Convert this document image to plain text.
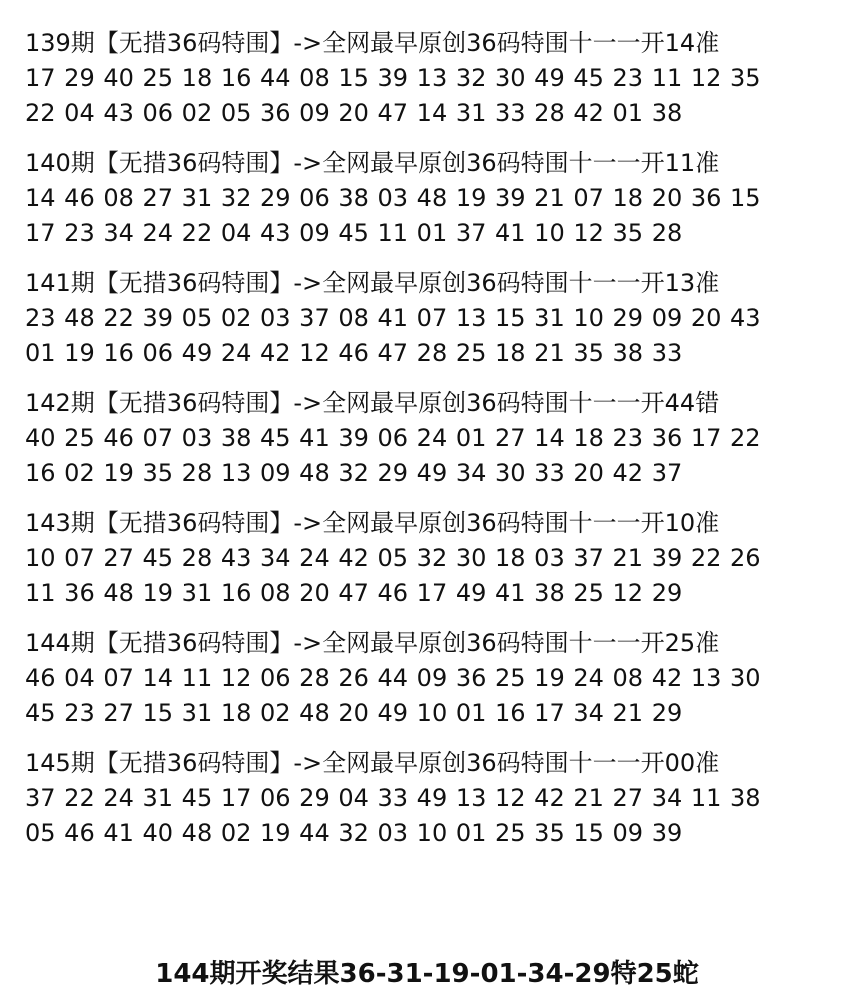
139期【无措36码特围】->全网最早原创36码特围十一一开14准
17 29 40 25 18 16 44 08 15 39 13 32 30 49 45 23 11 12 35
22 04 43 06 02 05 36 09 20 47 14 31 33 28 42 01 38
140期【无措36码特围】->全网最早原创36码特围十一一开11准
14 46 08 27 31 32 29 06 38 03 48 19 39 21 07 18 20 36 15
17 23 34 24 22 04 43 09 45 11 01 37 41 10 12 35 28
141期【无措36码特围】->全网最早原创36码特围十一一开13准
23 48 22 39 05 02 03 37 08 41 07 13 15 31 10 29 09 20 43
01 19 16 06 49 24 42 12 46 47 28 25 18 21 35 38 33
142期【无措36码特围】->全网最早原创36码特围十一一开44错
40 25 46 07 03 38 45 41 39 06 24 01 27 14 18 23 36 17 22
16 02 19 35 28 13 09 48 32 29 49 34 30 33 20 42 37
143期【无措36码特围】->全网最早原创36码特围十一一开10准
10 07 27 45 28 43 34 24 42 05 32 30 18 03 37 21 39 22 26
11 36 48 19 31 16 08 20 47 46 17 49 41 38 25 12 29
144期【无措36码特围】->全网最早原创36码特围十一一开25准
46 04 07 14 11 12 06 28 26 44 09 36 25 19 24 08 42 13 30
45 23 27 15 31 18 02 48 20 49 10 01 16 17 34 21 29
145期【无措36码特围】->全网最早原创36码特围十一一开00准
37 22 24 31 45 17 06 29 04 33 49 13 12 42 21 27 34 11 38
05 46 41 40 48 02 19 44 32 03 10 01 25 35 15 09 39
144期开奖结果36-31-19-01-34-29特25蛇
